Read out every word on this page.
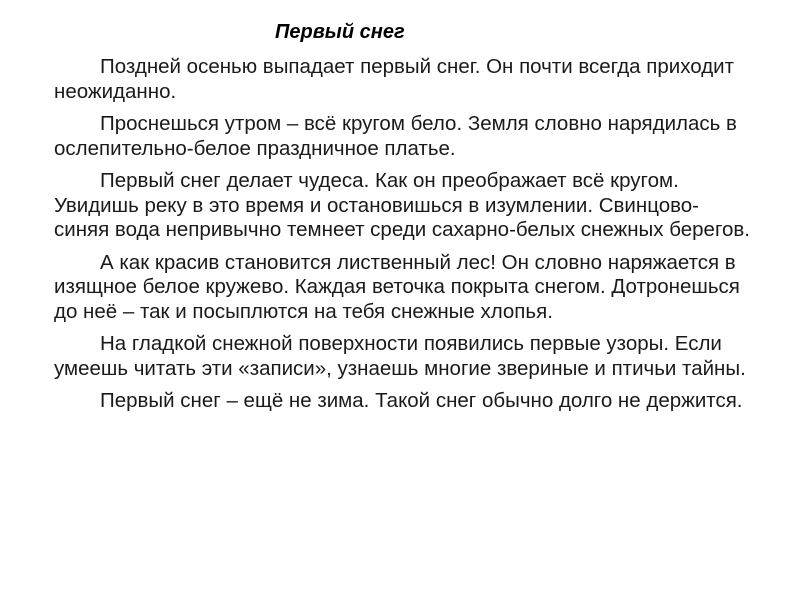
Первый снег

Поздней осенью выпадает первый снег. Он почти всегда приходит неожиданно.

Проснешься утром – всё кругом бело. Земля словно нарядилась в ослепительно-белое праздничное платье.

Первый снег делает чудеса. Как он преображает всё кругом. Увидишь реку в это время и остановишься в изумлении. Свинцово-синяя вода непривычно темнеет среди сахарно-белых снежных берегов.

А как красив становится лиственный лес! Он словно наряжается в изящное белое кружево. Каждая веточка покрыта снегом. Дотронешься до неё – так и посыплются на тебя снежные хлопья.

На гладкой снежной поверхности появились первые узоры. Если умеешь читать эти «записи», узнаешь многие звериные и птичьи тайны.

Первый снег – ещё не зима. Такой снег обычно долго не держится.
